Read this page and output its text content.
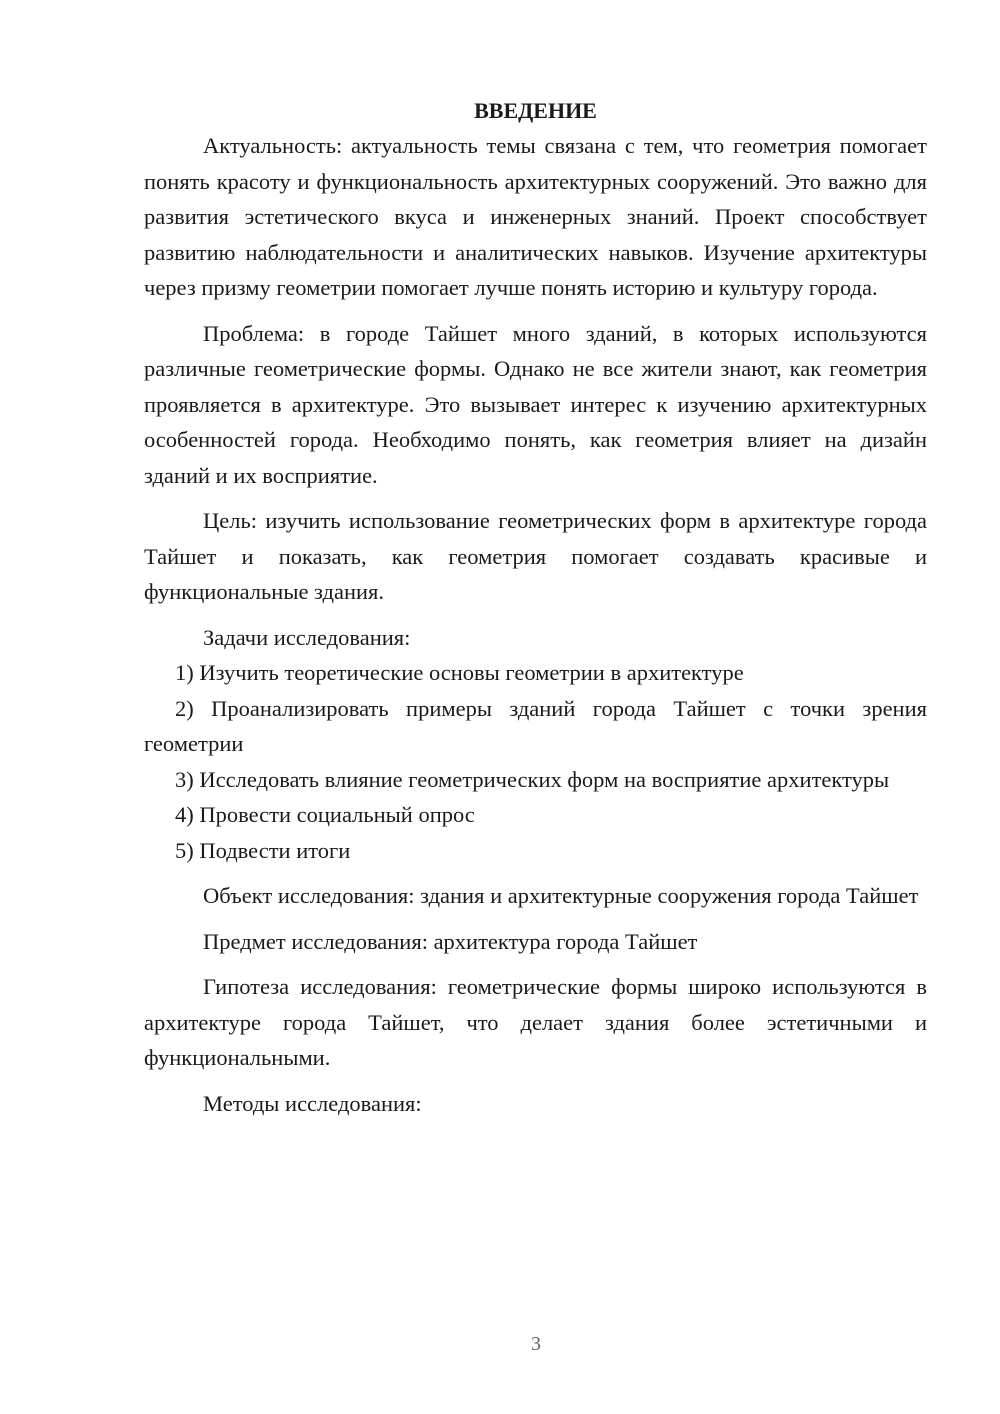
ВВЕДЕНИЕ

Актуальность: актуальность темы связана с тем, что геометрия помогает понять красоту и функциональность архитектурных сооружений. Это важно для развития эстетического вкуса и инженерных знаний. Проект способствует развитию наблюдательности и аналитических навыков. Изучение архитектуры через призму геометрии помогает лучше понять историю и культуру города.

Проблема: в городе Тайшет много зданий, в которых используются различные геометрические формы. Однако не все жители знают, как геометрия проявляется в архитектуре. Это вызывает интерес к изучению архитектурных особенностей города. Необходимо понять, как геометрия влияет на дизайн зданий и их восприятие.

Цель: изучить использование геометрических форм в архитектуре города Тайшет и показать, как геометрия помогает создавать красивые и функциональные здания.

Задачи исследования:

1) Изучить теоретические основы геометрии в архитектуре

2) Проанализировать примеры зданий города Тайшет с точки зрения геометрии

3) Исследовать влияние геометрических форм на восприятие архитектуры

4) Провести социальный опрос

5) Подвести итоги

Объект исследования: здания и архитектурные сооружения города Тайшет

Предмет исследования: архитектура города Тайшет

Гипотеза исследования: геометрические формы широко используются в архитектуре города Тайшет, что делает здания более эстетичными и функциональными.

Методы исследования:

3
